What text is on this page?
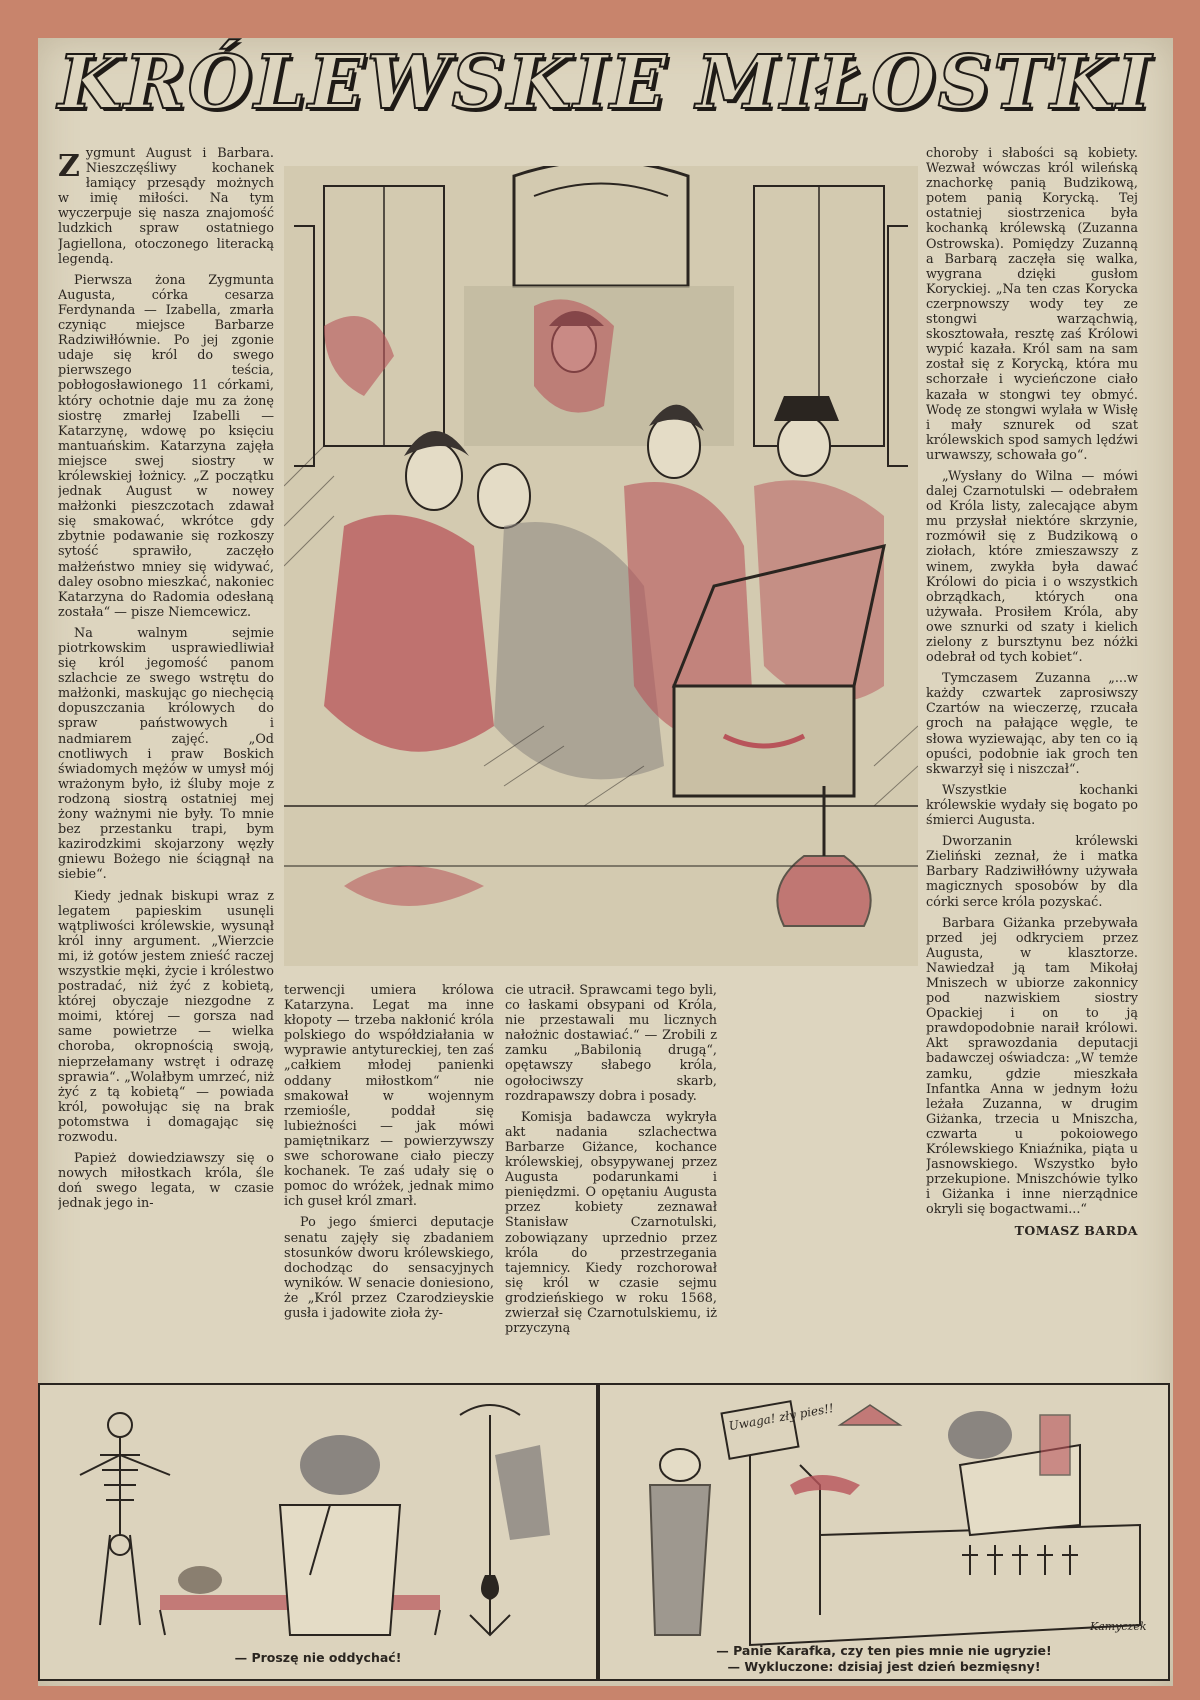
KRÓLEWSKIE MIŁOSTKI

Zygmunt August i Barbara. Nieszczęśliwy kochanek łamiący przesądy możnych w imię miłości. Na tym wyczerpuje się nasza znajomość ludzkich spraw ostatniego Jagiellona, otoczonego literacką legendą.

Pierwsza żona Zygmunta Augusta, córka cesarza Ferdynanda — Izabella, zmarła czyniąc miejsce Barbarze Radziwiłłównie. Po jej zgonie udaje się król do swego pierwszego teścia, pobłogosławionego 11 córkami, który ochotnie daje mu za żonę siostrę zmarłej Izabelli — Katarzynę, wdowę po księciu mantuańskim. Katarzyna zajęła miejsce swej siostry w królewskiej łożnicy. „Z początku jednak August w nowey małżonki pieszczotach zdawał się smakować, wkrótce gdy zbytnie podawanie się rozkoszy sytość sprawiło, zaczęło małżeństwo mniey się widywać, daley osobno mieszkać, nakoniec Katarzyna do Radomia odesłaną została“ — pisze Niemcewicz.

Na walnym sejmie piotrkowskim usprawiedliwiał się król jegomość panom szlachcie ze swego wstrętu do małżonki, maskując go niechęcią dopuszczania królowych do spraw państwowych i nadmiarem zajęć. „Od cnotliwych i praw Boskich świadomych mężów w umysł mój wrażonym było, iż śluby moje z rodzoną siostrą ostatniej mej żony ważnymi nie były. To mnie bez przestanku trapi, bym kazirodzkimi skojarzony węzły gniewu Bożego nie ściągnął na siebie“.

Kiedy jednak biskupi wraz z legatem papieskim usunęli wątpliwości królewskie, wysunął król inny argument. „Wierzcie mi, iż gotów jestem znieść raczej wszystkie męki, życie i królestwo postradać, niż żyć z kobietą, której obyczaje niezgodne z moimi, której — gorsza nad same powietrze — wielka choroba, okropnością swoją, nieprzełamany wstręt i odrazę sprawia“. „Wolałbym umrzeć, niż żyć z tą kobietą“ — powiada król, powołując się na brak potomstwa i domagając się rozwodu.

Papież dowiedziawszy się o nowych miłostkach króla, śle doń swego legata, w czasie jednak jego in-

terwencji umiera królowa Katarzyna. Legat ma inne kłopoty — trzeba nakłonić króla polskiego do współdziałania w wyprawie antytureckiej, ten zaś „całkiem młodej panienki oddany miłostkom“ nie smakował w wojennym rzemiośle, poddał się lubieżności — jak mówi pamiętnikarz — powierzywszy swe schorowane ciało pieczy kochanek. Te zaś udały się o pomoc do wróżek, jednak mimo ich guseł król zmarł.

Po jego śmierci deputacje senatu zajęły się zbadaniem stosunków dworu królewskiego, dochodząc do sensacyjnych wyników. W senacie doniesiono, że „Król przez Czarodzieyskie gusła i jadowite zioła ży-

cie utracił. Sprawcami tego byli, co łaskami obsypani od Króla, nie przestawali mu licznych nałożnic dostawiać.“ — Zrobili z zamku „Babilonią drugą“, opętawszy słabego króla, ogołociwszy skarb, rozdrapawszy dobra i posady.

Komisja badawcza wykryła akt nadania szlachectwa Barbarze Giżance, kochance królewskiej, obsypywanej przez Augusta podarunkami i pieniędzmi. O opętaniu Augusta przez kobiety zeznawał Stanisław Czarnotulski, zobowiązany uprzednio przez króla do przestrzegania tajemnicy. Kiedy rozchorował się król w czasie sejmu grodzieńskiego w roku 1568, zwierzał się Czarnotulskiemu, iż przyczyną

choroby i słabości są kobiety. Wezwał wówczas król wileńską znachorkę panią Budzikową, potem panią Korycką. Tej ostatniej siostrzenica była kochanką królewską (Zuzanna Ostrowska). Pomiędzy Zuzanną a Barbarą zaczęła się walka, wygrana dzięki gusłom Koryckiej. „Na ten czas Korycka czerpnowszy wody tey ze stongwi warząchwią, skosztowała, resztę zaś Królowi wypić kazała. Król sam na sam został się z Korycką, która mu schorzałe i wycieńczone ciało kazała w stongwi tey obmyć. Wodę ze stongwi wylała w Wisłę i mały sznurek od szat królewskich spod samych lędźwi urwawszy, schowała go“.

„Wysłany do Wilna — mówi dalej Czarnotulski — odebrałem od Króla listy, zalecające abym mu przysłał niektóre skrzynie, rozmówił się z Budzikową o ziołach, które zmieszawszy z winem, zwykła była dawać Królowi do picia i o wszystkich obrządkach, których ona używała. Prosiłem Króla, aby owe sznurki od szaty i kielich zielony z bursztynu bez nóżki odebrał od tych kobiet“.

Tymczasem Zuzanna „...w każdy czwartek zaprosiwszy Czartów na wieczerzę, rzucała groch na pałające węgle, te słowa wyziewając, aby ten co ią opuści, podobnie iak groch ten skwarzył się i niszczał“.

Wszystkie kochanki królewskie wydały się bogato po śmierci Augusta.

Dworzanin królewski Zieliński zeznał, że i matka Barbary Radziwiłłówny używała magicznych sposobów by dla córki serce króla pozyskać.

Barbara Giżanka przebywała przed jej odkryciem przez Augusta, w klasztorze. Nawiedzał ją tam Mikołaj Mniszech w ubiorze zakonnicy pod nazwiskiem siostry Opackiej i on to ją prawdopodobnie naraił królowi. Akt sprawozdania deputacji badawczej oświadcza: „W temże zamku, gdzie mieszkała Infantka Anna w jednym łożu leżała Zuzanna, w drugim Giżanka, trzecia u Mniszcha, czwarta u pokoiowego Królewskiego Kniaźnika, piąta u Jasnowskiego. Wszystko było przekupione. Mniszchówie tylko i Giżanka i inne nierządnice okryli się bogactwami...“

TOMASZ BARDA
— Proszę nie oddychać!
Uwaga! zły pies!!
Kamyczek
— Panie Karafka, czy ten pies mnie nie ugryzie!
— Wykluczone: dzisiaj jest dzień bezmięsny!
